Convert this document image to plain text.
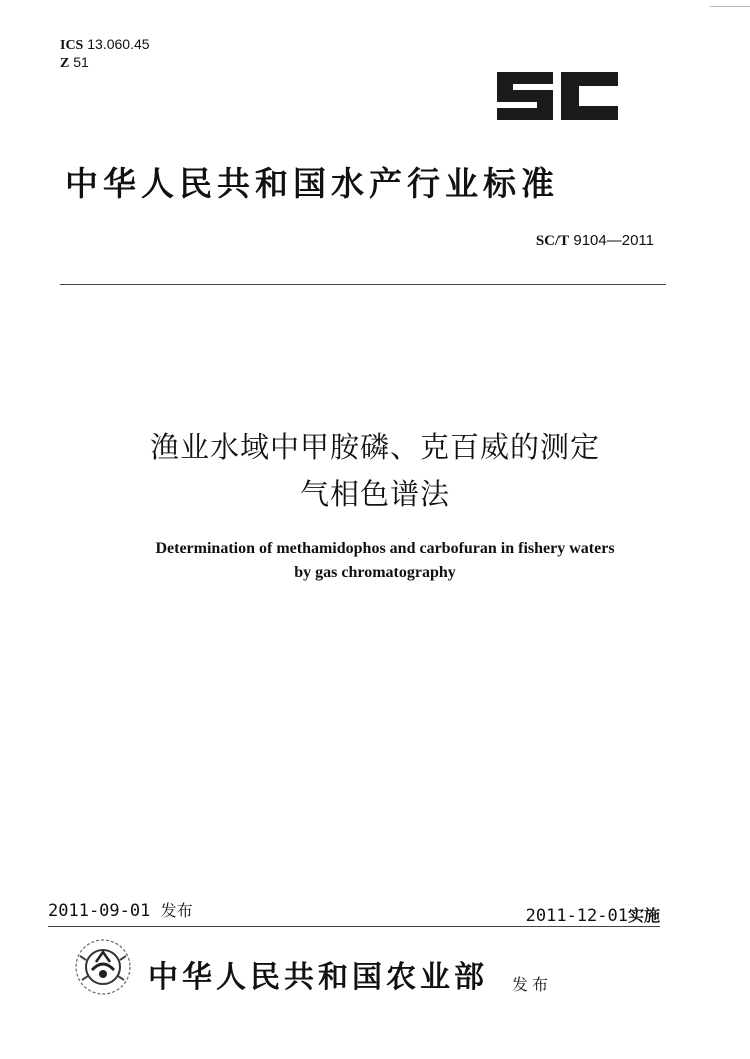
ICS 13.060.45
Z 51
SC
中华人民共和国水产行业标准
SC/T 9104—2011
渔业水域中甲胺磷、克百威的测定
气相色谱法
Determination of methamidophos and carbofuran in fishery waters
by gas chromatography
2011-09-01 发布	2011-12-01实施
中华人民共和国农业部 发布
